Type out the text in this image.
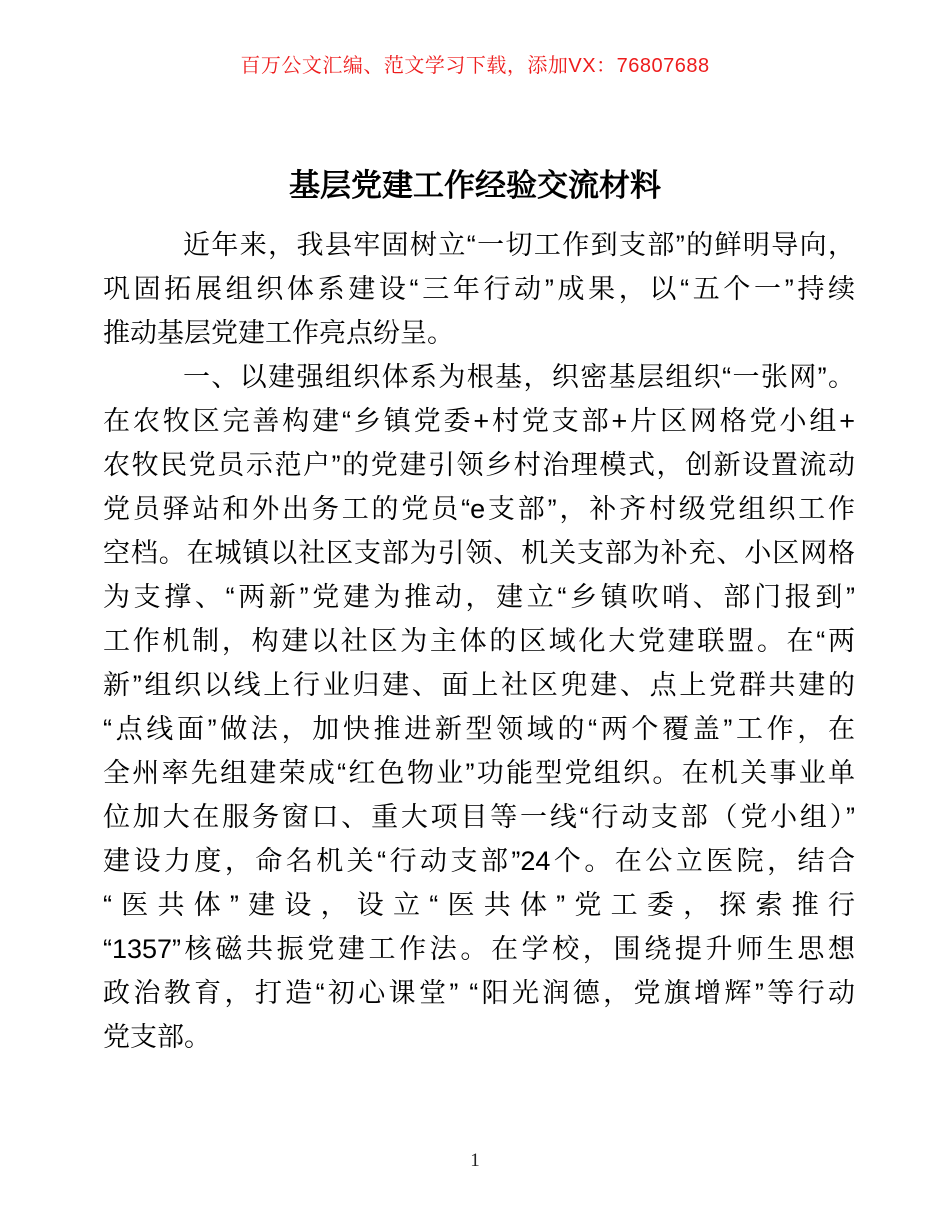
百万公文汇编、范文学习下载，添加VX：76807688
基层党建工作经验交流材料
近年来，我县牢固树立“一切工作到支部”的鲜明导向，
巩固拓展组织体系建设“三年行动”成果，以“五个一”持续
推动基层党建工作亮点纷呈。
一、以建强组织体系为根基，织密基层组织“一张网”。
在农牧区完善构建“乡镇党委+村党支部+片区网格党小组+
农牧民党员示范户”的党建引领乡村治理模式，创新设置流动
党员驿站和外出务工的党员“e支部”，补齐村级党组织工作
空档。在城镇以社区支部为引领、机关支部为补充、小区网格
为支撑、“两新”党建为推动，建立“乡镇吹哨、部门报到”
工作机制，构建以社区为主体的区域化大党建联盟。在“两
新”组织以线上行业归建、面上社区兜建、点上党群共建的
“点线面”做法，加快推进新型领域的“两个覆盖”工作，在
全州率先组建荣成“红色物业”功能型党组织。在机关事业单
位加大在服务窗口、重大项目等一线“行动支部（党小组）”
建设力度，命名机关“行动支部”24个。在公立医院，结合
“医共体”建设，设立“医共体”党工委，探索推行
“1357”核磁共振党建工作法。在学校，围绕提升师生思想
政治教育，打造“初心课堂” “阳光润德，党旗增辉”等行动
党支部。
1
